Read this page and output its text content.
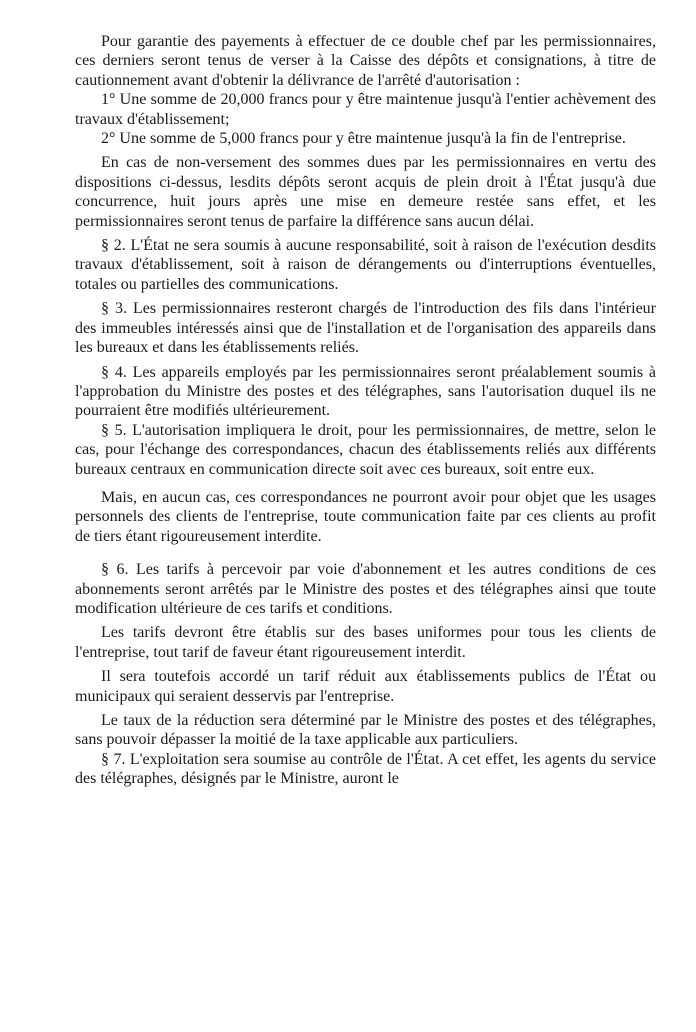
Pour garantie des payements à effectuer de ce double chef par les permissionnaires, ces derniers seront tenus de verser à la Caisse des dépôts et consignations, à titre de cautionnement avant d'obtenir la délivrance de l'arrêté d'autorisation :

1° Une somme de 20,000 francs pour y être maintenue jusqu'à l'entier achèvement des travaux d'établissement;

2° Une somme de 5,000 francs pour y être maintenue jusqu'à la fin de l'entreprise.

En cas de non-versement des sommes dues par les permissionnaires en vertu des dispositions ci-dessus, lesdits dépôts seront acquis de plein droit à l'État jusqu'à due concurrence, huit jours après une mise en demeure restée sans effet, et les permissionnaires seront tenus de parfaire la différence sans aucun délai.

§ 2. L'État ne sera soumis à aucune responsabilité, soit à raison de l'exécution desdits travaux d'établissement, soit à raison de dérangements ou d'interruptions éventuelles, totales ou partielles des communications.

§ 3. Les permissionnaires resteront chargés de l'introduction des fils dans l'intérieur des immeubles intéressés ainsi que de l'installation et de l'organisation des appareils dans les bureaux et dans les établissements reliés.

§ 4. Les appareils employés par les permissionnaires seront préalablement soumis à l'approbation du Ministre des postes et des télégraphes, sans l'autorisation duquel ils ne pourraient être modifiés ultérieurement.

§ 5. L'autorisation impliquera le droit, pour les permissionnaires, de mettre, selon le cas, pour l'échange des correspondances, chacun des établissements reliés aux différents bureaux centraux en communication directe soit avec ces bureaux, soit entre eux.

Mais, en aucun cas, ces correspondances ne pourront avoir pour objet que les usages personnels des clients de l'entreprise, toute communication faite par ces clients au profit de tiers étant rigoureusement interdite.

§ 6. Les tarifs à percevoir par voie d'abonnement et les autres conditions de ces abonnements seront arrêtés par le Ministre des postes et des télégraphes ainsi que toute modification ultérieure de ces tarifs et conditions.

Les tarifs devront être établis sur des bases uniformes pour tous les clients de l'entreprise, tout tarif de faveur étant rigoureusement interdit.

Il sera toutefois accordé un tarif réduit aux établissements publics de l'État ou municipaux qui seraient desservis par l'entreprise.

Le taux de la réduction sera déterminé par le Ministre des postes et des télégraphes, sans pouvoir dépasser la moitié de la taxe applicable aux particuliers.

§ 7. L'exploitation sera soumise au contrôle de l'État. A cet effet, les agents du service des télégraphes, désignés par le Ministre, auront le
